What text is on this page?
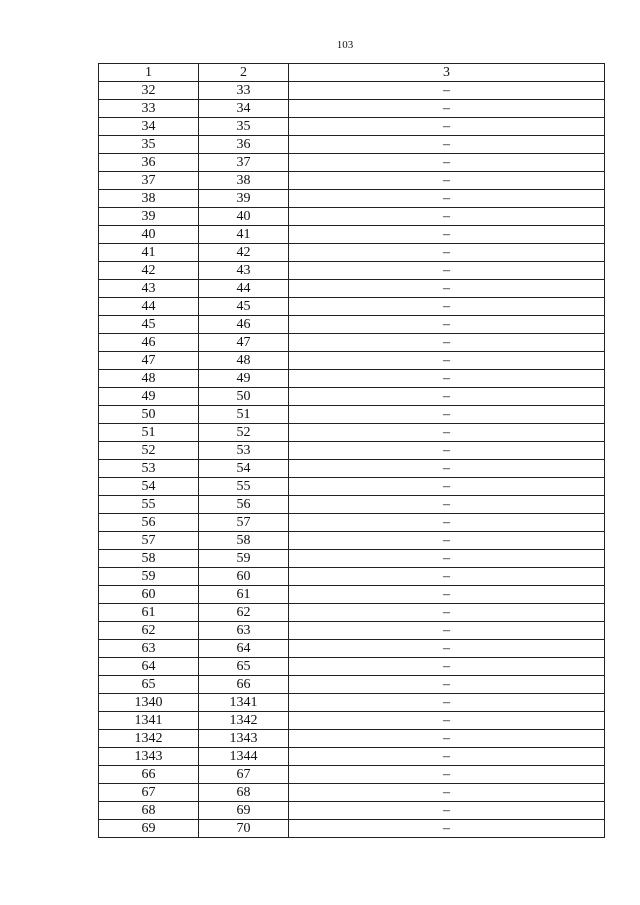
103
1	2	3
32	33	–
33	34	–
34	35	–
35	36	–
36	37	–
37	38	–
38	39	–
39	40	–
40	41	–
41	42	–
42	43	–
43	44	–
44	45	–
45	46	–
46	47	–
47	48	–
48	49	–
49	50	–
50	51	–
51	52	–
52	53	–
53	54	–
54	55	–
55	56	–
56	57	–
57	58	–
58	59	–
59	60	–
60	61	–
61	62	–
62	63	–
63	64	–
64	65	–
65	66	–
1340	1341	–
1341	1342	–
1342	1343	–
1343	1344	–
66	67	–
67	68	–
68	69	–
69	70	–
